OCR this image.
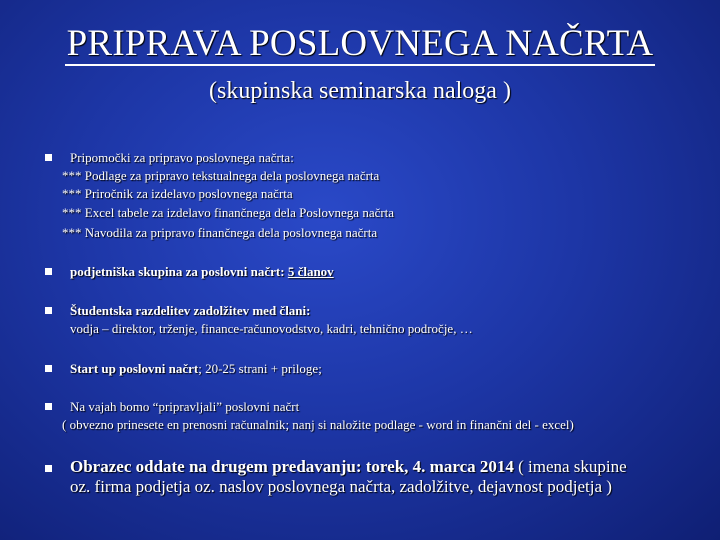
PRIPRAVA POSLOVNEGA NAČRTA
(skupinska seminarska naloga )
Pripomočki za pripravo poslovnega načrta:
*** Podlage za pripravo tekstualnega dela poslovnega načrta
*** Priročnik za izdelavo poslovnega načrta
*** Excel tabele za izdelavo finančnega dela Poslovnega načrta
*** Navodila za pripravo finančnega dela poslovnega načrta
podjetniška skupina za poslovni načrt: 5 članov
Študentska razdelitev zadolžitev med člani:
vodja – direktor, trženje, finance-računovodstvo, kadri, tehnično področje, …
Start up poslovni načrt; 20-25 strani + priloge;
Na vajah bomo “pripravljali” poslovni načrt
( obvezno prinesete en prenosni računalnik; nanj si naložite podlage - word in finančni del - excel)
Obrazec oddate na drugem predavanju: torek, 4. marca 2014 ( imena skupine
oz. firma podjetja oz. naslov poslovnega načrta, zadolžitve, dejavnost podjetja )
